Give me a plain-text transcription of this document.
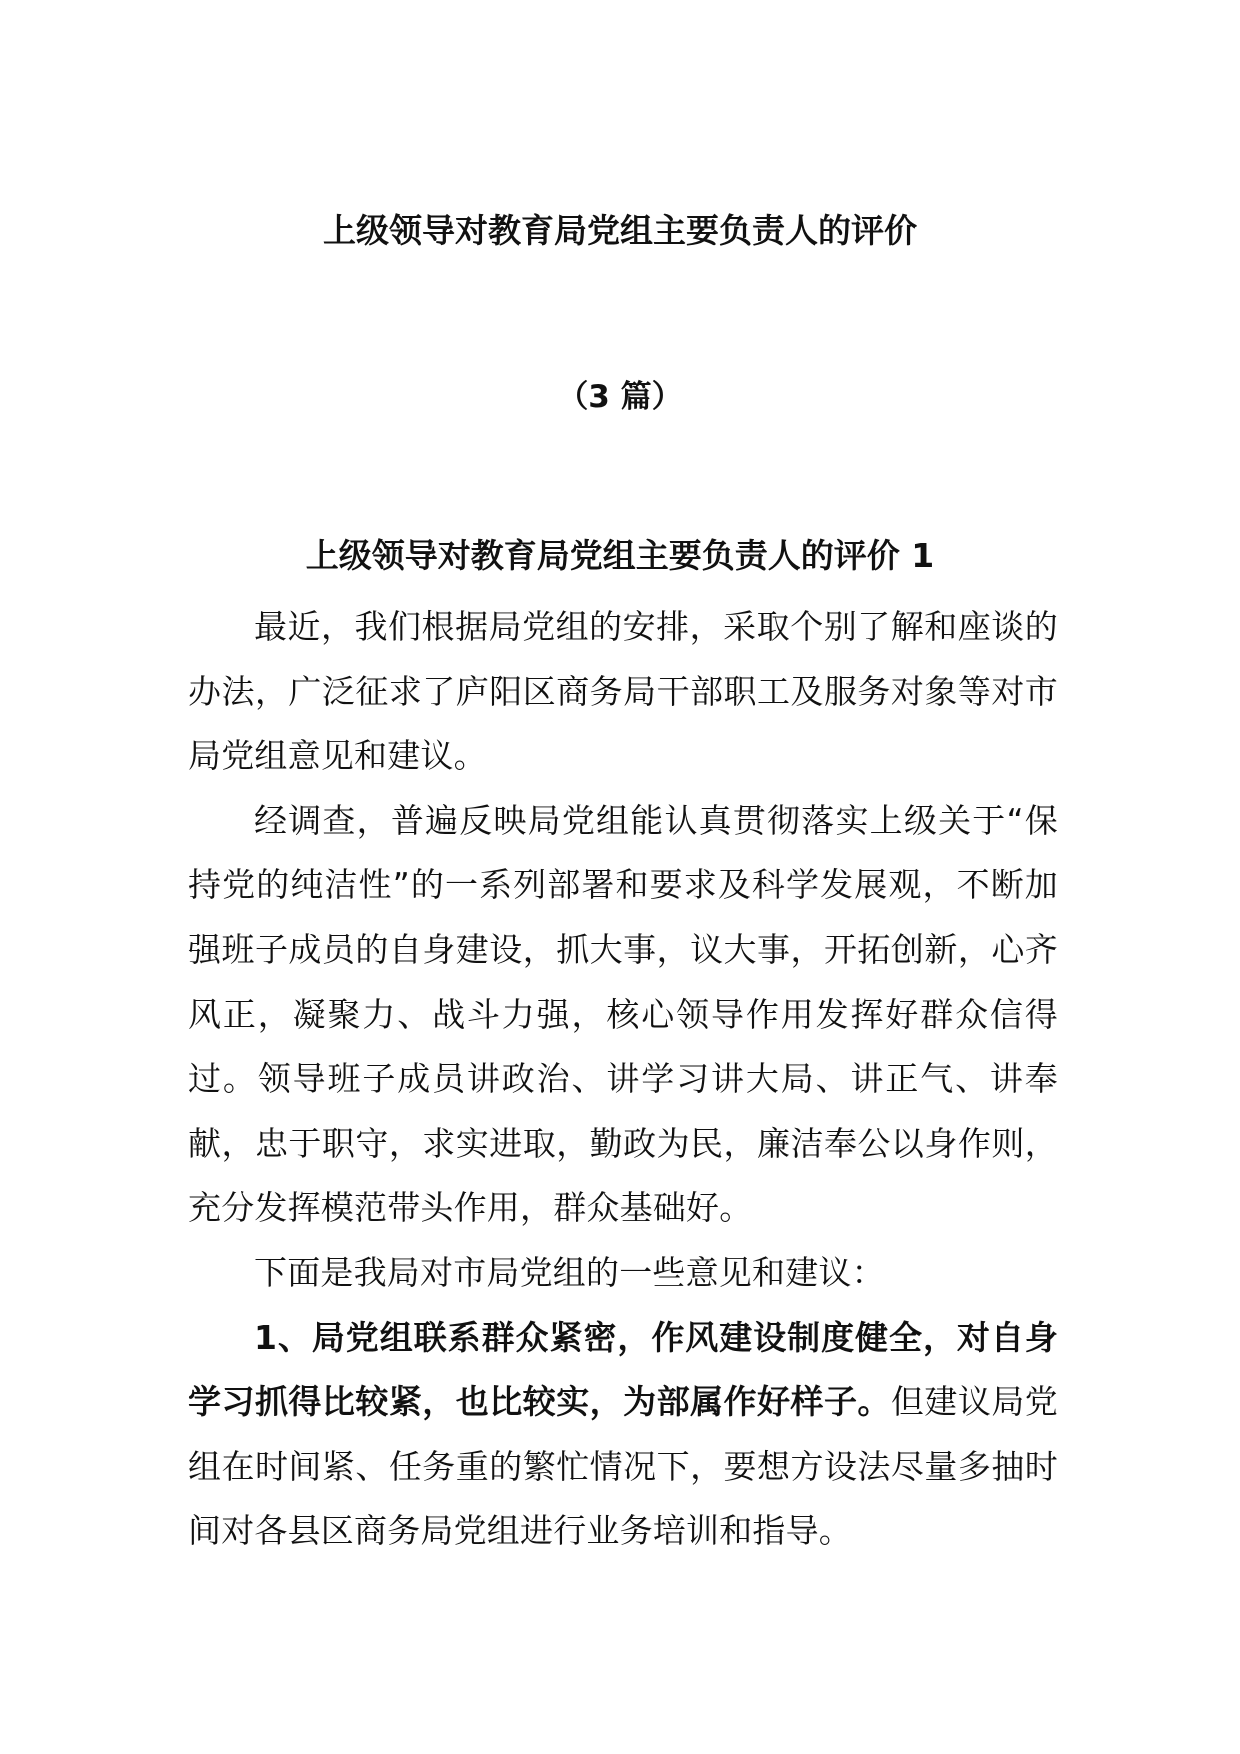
上级领导对教育局党组主要负责人的评价
（3 篇）
上级领导对教育局党组主要负责人的评价 1

最近，我们根据局党组的安排，采取个别了解和座谈的办法，广泛征求了庐阳区商务局干部职工及服务对象等对市局党组意见和建议。

经调查，普遍反映局党组能认真贯彻落实上级关于“保持党的纯洁性”的一系列部署和要求及科学发展观，不断加强班子成员的自身建设，抓大事，议大事，开拓创新，心齐风正，凝聚力、战斗力强，核心领导作用发挥好群众信得过。领导班子成员讲政治、讲学习讲大局、讲正气、讲奉献，忠于职守，求实进取，勤政为民，廉洁奉公以身作则，充分发挥模范带头作用，群众基础好。

下面是我局对市局党组的一些意见和建议：

1、局党组联系群众紧密，作风建设制度健全，对自身学习抓得比较紧，也比较实，为部属作好样子。但建议局党组在时间紧、任务重的繁忙情况下，要想方设法尽量多抽时间对各县区商务局党组进行业务培训和指导。
